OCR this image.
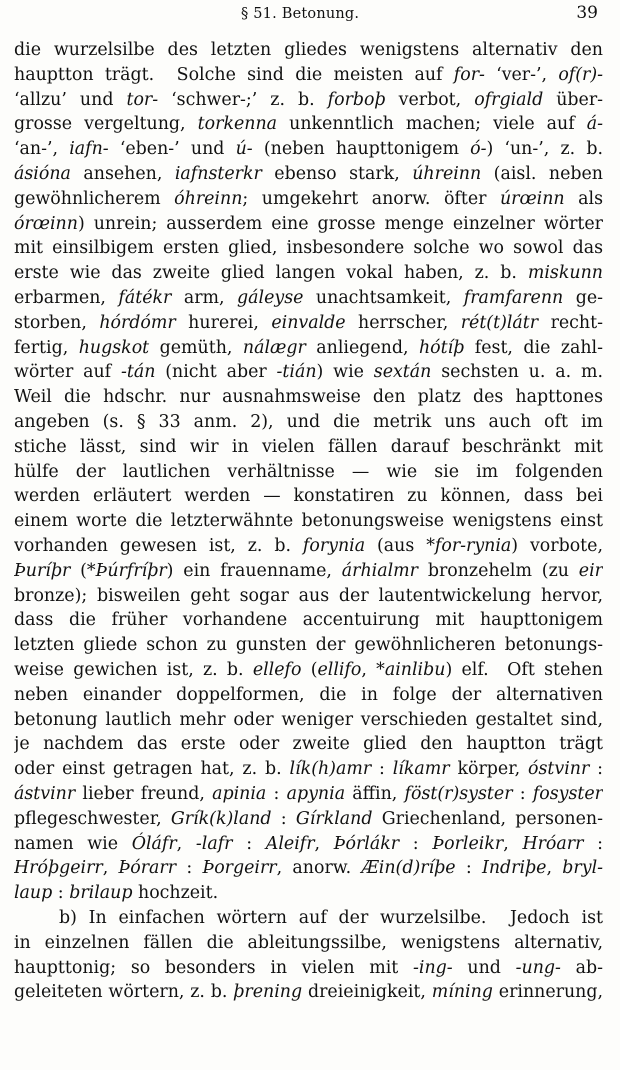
§ 51. Betonung.	39
die wurzelsilbe des letzten gliedes wenigstens alternativ den
hauptton trägt.  Solche sind die meisten auf for- ‘ver-’, of(r)-
‘allzu’ und tor- ‘schwer-;’ z. b. forboþ verbot, ofrgiald über-
grosse vergeltung, torkenna unkenntlich machen; viele auf á-
‘an-’, iafn- ‘eben-’ und ú- (neben haupttonigem ó-) ‘un-’, z. b.
ásióna ansehen, iafnsterkr ebenso stark, úhreinn (aisl. neben
gewöhnlicherem óhreinn; umgekehrt anorw. öfter úrœinn als
órœinn) unrein; ausserdem eine grosse menge einzelner wörter
mit einsilbigem ersten glied, insbesondere solche wo sowol das
erste wie das zweite glied langen vokal haben, z. b. miskunn
erbarmen, fátékr arm, gáleyse unachtsamkeit, framfarenn ge-
storben, hórdómr hurerei, einvalde herrscher, rét(t)látr recht-
fertig, hugskot gemüth, nálægr anliegend, hótíþ fest, die zahl-
wörter auf -tán (nicht aber -tián) wie sextán sechsten u. a. m.
Weil die hdschr. nur ausnahmsweise den platz des hapttones
angeben (s. § 33 anm. 2), und die metrik uns auch oft im
stiche lässt, sind wir in vielen fällen darauf beschränkt mit
hülfe der lautlichen verhältnisse — wie sie im folgenden
werden erläutert werden — konstatiren zu können, dass bei
einem worte die letzterwähnte betonungsweise wenigstens einst
vorhanden gewesen ist, z. b. forynia (aus *for-rynia) vorbote,
Þuríþr (*Þúrfríþr) ein frauenname, árhialmr bronzehelm (zu eir
bronze); bisweilen geht sogar aus der lautentwickelung hervor,
dass die früher vorhandene accentuirung mit haupttonigem
letzten gliede schon zu gunsten der gewöhnlicheren betonungs-
weise gewichen ist, z. b. ellefo (ellifo, *ainlibu) elf.  Oft stehen
neben einander doppelformen, die in folge der alternativen
betonung lautlich mehr oder weniger verschieden gestaltet sind,
je nachdem das erste oder zweite glied den hauptton trägt
oder einst getragen hat, z. b. lík(h)amr : líkamr körper, óstvinr :
ástvinr lieber freund, apinia : apynia äffin, föst(r)syster : fosyster
pflegeschwester, Grík(k)land : Gírkland Griechenland, personen-
namen wie Óláfr, -lafr : Aleifr, Þórlákr : Þorleikr, Hróarr :
Hróþgeirr, Þórarr : Þorgeirr, anorw. Æin(d)ríþe : Indriþe, bryl-
laup : brilaup hochzeit.
b) In einfachen wörtern auf der wurzelsilbe.  Jedoch ist
in einzelnen fällen die ableitungssilbe, wenigstens alternativ,
haupttonig; so besonders in vielen mit -ing- und -ung- ab-
geleiteten wörtern, z. b. þrening dreieinigkeit, míning erinnerung,
